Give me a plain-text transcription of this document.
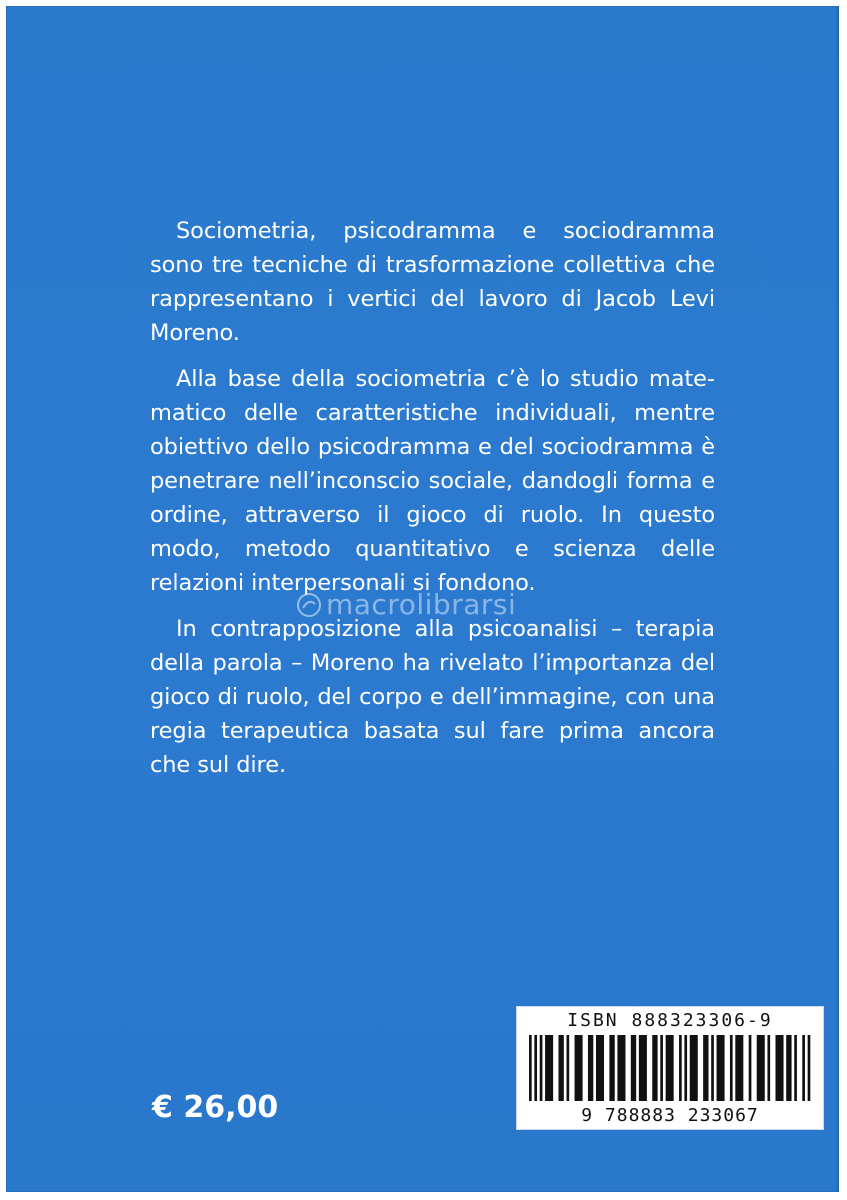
Sociometria, psicodramma e sociodramma sono tre tecniche di trasformazione collettiva che rappresentano i vertici del lavoro di Jacob Levi Moreno.

Alla base della sociometria c’è lo studio matematico delle caratteristiche individuali, mentre obiettivo dello psicodramma e del sociodramma è penetrare nell’inconscio sociale, dandogli forma e ordine, attraverso il gioco di ruolo. In questo modo, metodo quantitativo e scienza delle relazioni interpersonali si fondono.

In contrapposizione alla psicoanalisi – terapia della parola – Moreno ha rivelato l’importanza del gioco di ruolo, del corpo e dell’immagine, con una regia terapeutica basata sul fare prima ancora che sul dire.

macrolibrarsi
€ 26,00
ISBN 888323306-9
9 788883 233067
